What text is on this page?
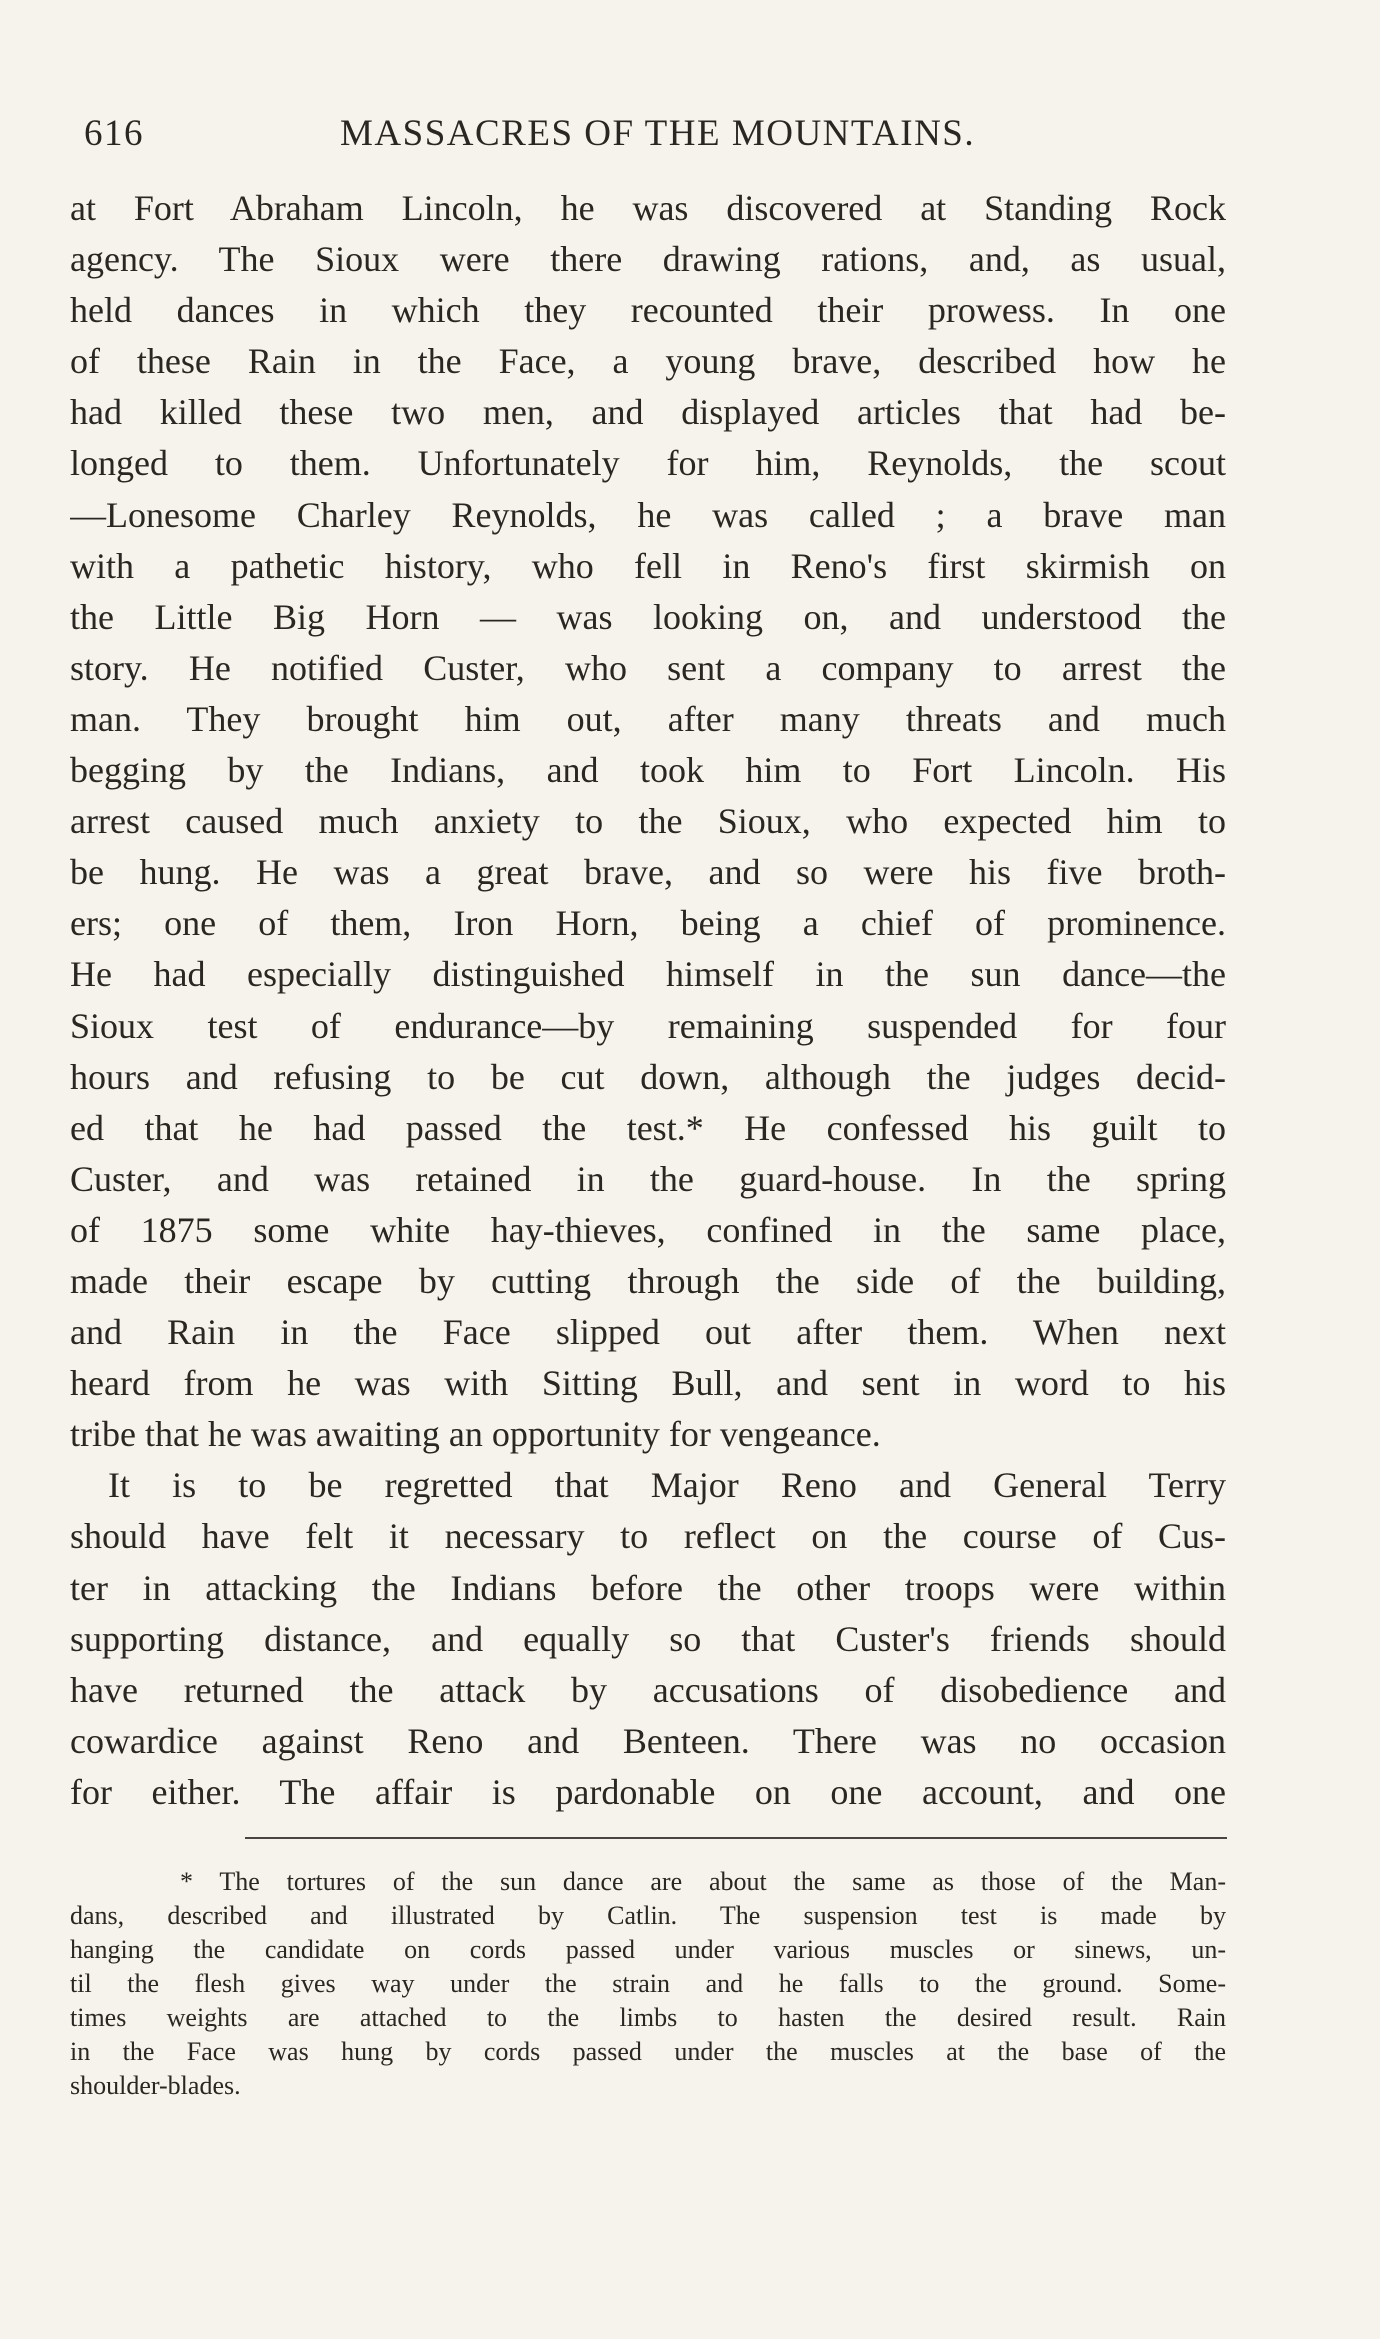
616	MASSACRES OF THE MOUNTAINS.
at Fort Abraham Lincoln, he was discovered at Standing Rock
agency. The Sioux were there drawing rations, and, as usual,
held dances in which they recounted their prowess. In one
of these Rain in the Face, a young brave, described how he
had killed these two men, and displayed articles that had be-
longed to them. Unfortunately for him, Reynolds, the scout
—Lonesome Charley Reynolds, he was called ; a brave man
with a pathetic history, who fell in Reno's first skirmish on
the Little Big Horn — was looking on, and understood the
story. He notified Custer, who sent a company to arrest the
man. They brought him out, after many threats and much
begging by the Indians, and took him to Fort Lincoln. His
arrest caused much anxiety to the Sioux, who expected him to
be hung. He was a great brave, and so were his five broth-
ers; one of them, Iron Horn, being a chief of prominence.
He had especially distinguished himself in the sun dance—the
Sioux test of endurance—by remaining suspended for four
hours and refusing to be cut down, although the judges decid-
ed that he had passed the test.* He confessed his guilt to
Custer, and was retained in the guard-house. In the spring
of 1875 some white hay-thieves, confined in the same place,
made their escape by cutting through the side of the building,
and Rain in the Face slipped out after them. When next
heard from he was with Sitting Bull, and sent in word to his
tribe that he was awaiting an opportunity for vengeance.
It is to be regretted that Major Reno and General Terry
should have felt it necessary to reflect on the course of Cus-
ter in attacking the Indians before the other troops were within
supporting distance, and equally so that Custer's friends should
have returned the attack by accusations of disobedience and
cowardice against Reno and Benteen. There was no occasion
for either. The affair is pardonable on one account, and one
* The tortures of the sun dance are about the same as those of the Man-
dans, described and illustrated by Catlin. The suspension test is made by
hanging the candidate on cords passed under various muscles or sinews, un-
til the flesh gives way under the strain and he falls to the ground. Some-
times weights are attached to the limbs to hasten the desired result. Rain
in the Face was hung by cords passed under the muscles at the base of the
shoulder-blades.
